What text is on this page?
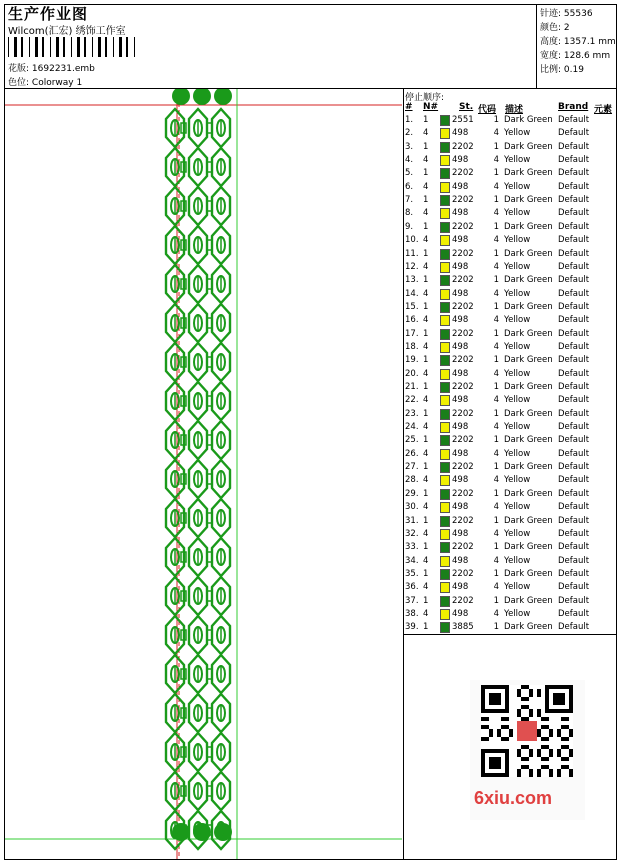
生产作业图
Wilcom(汇宏) 绣饰工作室
花版: 1692231.emb
色位: Colorway 1
针迹: 55536
颜色: 2
高度: 1357.1 mm
宽度: 128.6 mm
比例: 0.19
停止顺序:
# N# St. 代码 描述	Brand 元素
1. 1	2551	1 Dark Green Default
2. 4	498	4 Yellow	Default
3. 1	2202	1 Dark Green Default
4. 4	498	4 Yellow	Default
5. 1	2202	1 Dark Green Default
6. 4	498	4 Yellow	Default
7. 1	2202	1 Dark Green Default
8. 4	498	4 Yellow	Default
9. 1	2202	1 Dark Green Default
10. 4	498	4 Yellow	Default
11. 1	2202	1 Dark Green Default
12. 4	498	4 Yellow	Default
13. 1	2202	1 Dark Green Default
14. 4	498	4 Yellow	Default
15. 1	2202	1 Dark Green Default
16. 4	498	4 Yellow	Default
17. 1	2202	1 Dark Green Default
18. 4	498	4 Yellow	Default
19. 1	2202	1 Dark Green Default
20. 4	498	4 Yellow	Default
21. 1	2202	1 Dark Green Default
22. 4	498	4 Yellow	Default
23. 1	2202	1 Dark Green Default
24. 4	498	4 Yellow	Default
25. 1	2202	1 Dark Green Default
26. 4	498	4 Yellow	Default
27. 1	2202	1 Dark Green Default
28. 4	498	4 Yellow	Default
29. 1	2202	1 Dark Green Default
30. 4	498	4 Yellow	Default
31. 1	2202	1 Dark Green Default
32. 4	498	4 Yellow	Default
33. 1	2202	1 Dark Green Default
34. 4	498	4 Yellow	Default
35. 1	2202	1 Dark Green Default
36. 4	498	4 Yellow	Default
37. 1	2202	1 Dark Green Default
38. 4	498	4 Yellow	Default
39. 1	3885	1 Dark Green Default
6xiu.com
